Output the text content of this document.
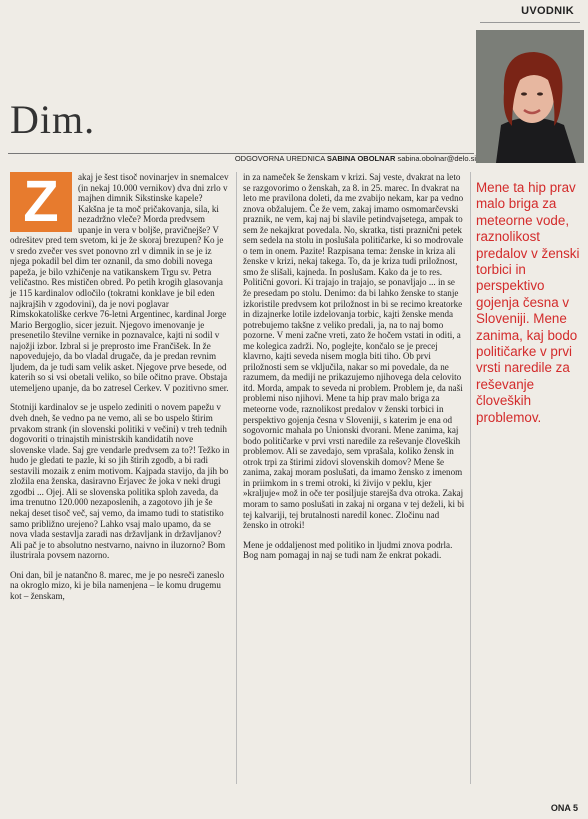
UVODNIK
Dim.
ODGOVORNA UREDNICA SABINA OBOLNAR sabina.obolnar@delo.si

Z	akaj je šest tisoč novinarjev in snemalcev (in nekaj 10.000 vernikov) dva dni zrlo v majhen dimnik Sikstinske kapele? Kakšna je ta moč pričakovanja, sila, ki nezadržno vleče? Morda predvsem upanje in vera v boljše, pravičnejše? V odrešitev pred tem svetom, ki je že skoraj brezupen? Ko je v sredo zvečer ves svet ponovno zrl v dimnik in se je iz njega pokadil bel dim ter oznanil, da smo dobili novega papeža, je bilo vzhičenje na vatikanskem Trgu sv. Petra veličastno. Res mističen obred. Po petih krogih glasovanja je 115 kardinalov odločilo (tokratni konklave je bil eden najkrajših v zgodovini), da je novi poglavar Rimskokatoliške cerkve 76-letni Argentinec, kardinal Jorge Mario Bergoglio, sicer jezuit. Njegovo imenovanje je presenetilo številne vernike in poznavalce, kajti ni sodil v najožji izbor. Izbral si je preprosto ime Frančišek. In že napovedujejo, da bo vladal drugače, da je predan revnim ljudem, da je tudi sam velik asket. Njegove prve besede, od katerih so si vsi obetali veliko, so bile očitno prave. Obstaja utemeljeno upanje, da bo zatresel Cerkev. V pozitivno smer.

Stotniji kardinalov se je uspelo zediniti o novem papežu v dveh dneh, še vedno pa ne vemo, ali se bo uspelo štirim prvakom strank (in slovenski politiki v večini) v treh tednih dogovoriti o trinajstih ministrskih kandidatih nove slovenske vlade. Saj gre vendarle predvsem za to?! Težko in hudo je gledati te pazle, ki so jih štirih zgodb, a bi radi sestavili mozaik z enim motivom. Kajpada stavijo, da jih bo zložila ena ženska, dasiravno Erjavec že joka v neki drugi zgodbi ... Ojej. Ali se slovenska politika sploh zaveda, da ima trenutno 120.000 nezaposlenih, a zagotovo jih je še nekaj deset tisoč več, saj vemo, da imamo tudi to statistiko samo približno urejeno? Lahko vsaj malo upamo, da se nova vlada sestavlja zaradi nas državljank in državljanov? Ali pač je to absolutno nestvarno, naivno in iluzorno? Bom ilustrirala povsem nazorno.

Oni dan, bil je natančno 8. marec, me je po nesreči zaneslo na okroglo mizo, ki je bila namenjena – le komu drugemu kot – ženskam,

in za nameček še ženskam v krizi. Saj veste, dvakrat na leto se razgovorimo o ženskah, za 8. in 25. marec. In dvakrat na leto me pravilona doleti, da me zvabijo nekam, kar pa vedno znova obžalujem. Če že vem, zakaj imamo osmomarčevski praznik, ne vem, kaj naj bi slavile petindvajsetega, ampak to sem že nekajkrat povedala. No, skratka, tisti praznični petek sem sedela na stolu in poslušala političarke, ki so modrovale o tem in onem. Pazite! Razpisana tema: ženske in kriza ali ženske v krizi, nekaj takega. To, da je kriza tudi priložnost, smo že slišali, kajneda. In poslušam. Kako da je to res. Politični govori. Ki trajajo in trajajo, se ponavljajo ... in se že presedam po stolu. Denimo: da bi lahko ženske to stanje izkoristile predvsem kot priložnost in bi se recimo kreatorke in dizajnerke lotile izdelovanja torbic, kajti ženske menda potrebujemo takšne z veliko predali, ja, na to naj bomo pozorne. V meni začne vreti, zato že hočem vstati in oditi, a me kolegica zadrži. No, poglejte, končalo se je precej klavrno, kajti seveda nisem mogla biti tiho. Ob prvi priložnosti sem se vključila, nakar so mi povedale, da ne razumem, da mediji ne prikazujemo njihovega dela celovito itd. Morda, ampak to seveda ni problem. Problem je, da naši problemi niso njihovi. Mene ta hip prav malo briga za meteorne vode, raznolikost predalov v ženski torbici in perspektivo gojenja česna v Sloveniji, s katerim je ena od sogovornic mahala po Unionski dvorani. Mene zanima, kaj bodo političarke v prvi vrsti naredile za reševanje človeških problemov. Ali se zavedajo, sem vprašala, koliko žensk in otrok trpi za štirimi zidovi slovenskih domov? Mene še zanima, zakaj moram poslušati, da imamo žensko z imenom in priimkom in s tremi otroki, ki živijo v peklu, kjer »kraljuje« mož in oče ter posiljuje starejša dva otroka. Zakaj moram to samo poslušati in zakaj ni organa v tej deželi, ki bi tej kalvariji, tej brutalnosti naredil konec. Zločinu nad žensko in otroki!

Mene je oddaljenost med politiko in ljudmi znova podrla.

Bog nam pomagaj in naj se tudi nam že enkrat pokadi.

Mene ta hip prav malo briga za meteorne vode, raznolikost predalov v ženski torbici in perspektivo gojenja česna v Sloveniji. Mene zanima, kaj bodo političarke v prvi vrsti naredile za reševanje človeških problemov.
ONA 5
